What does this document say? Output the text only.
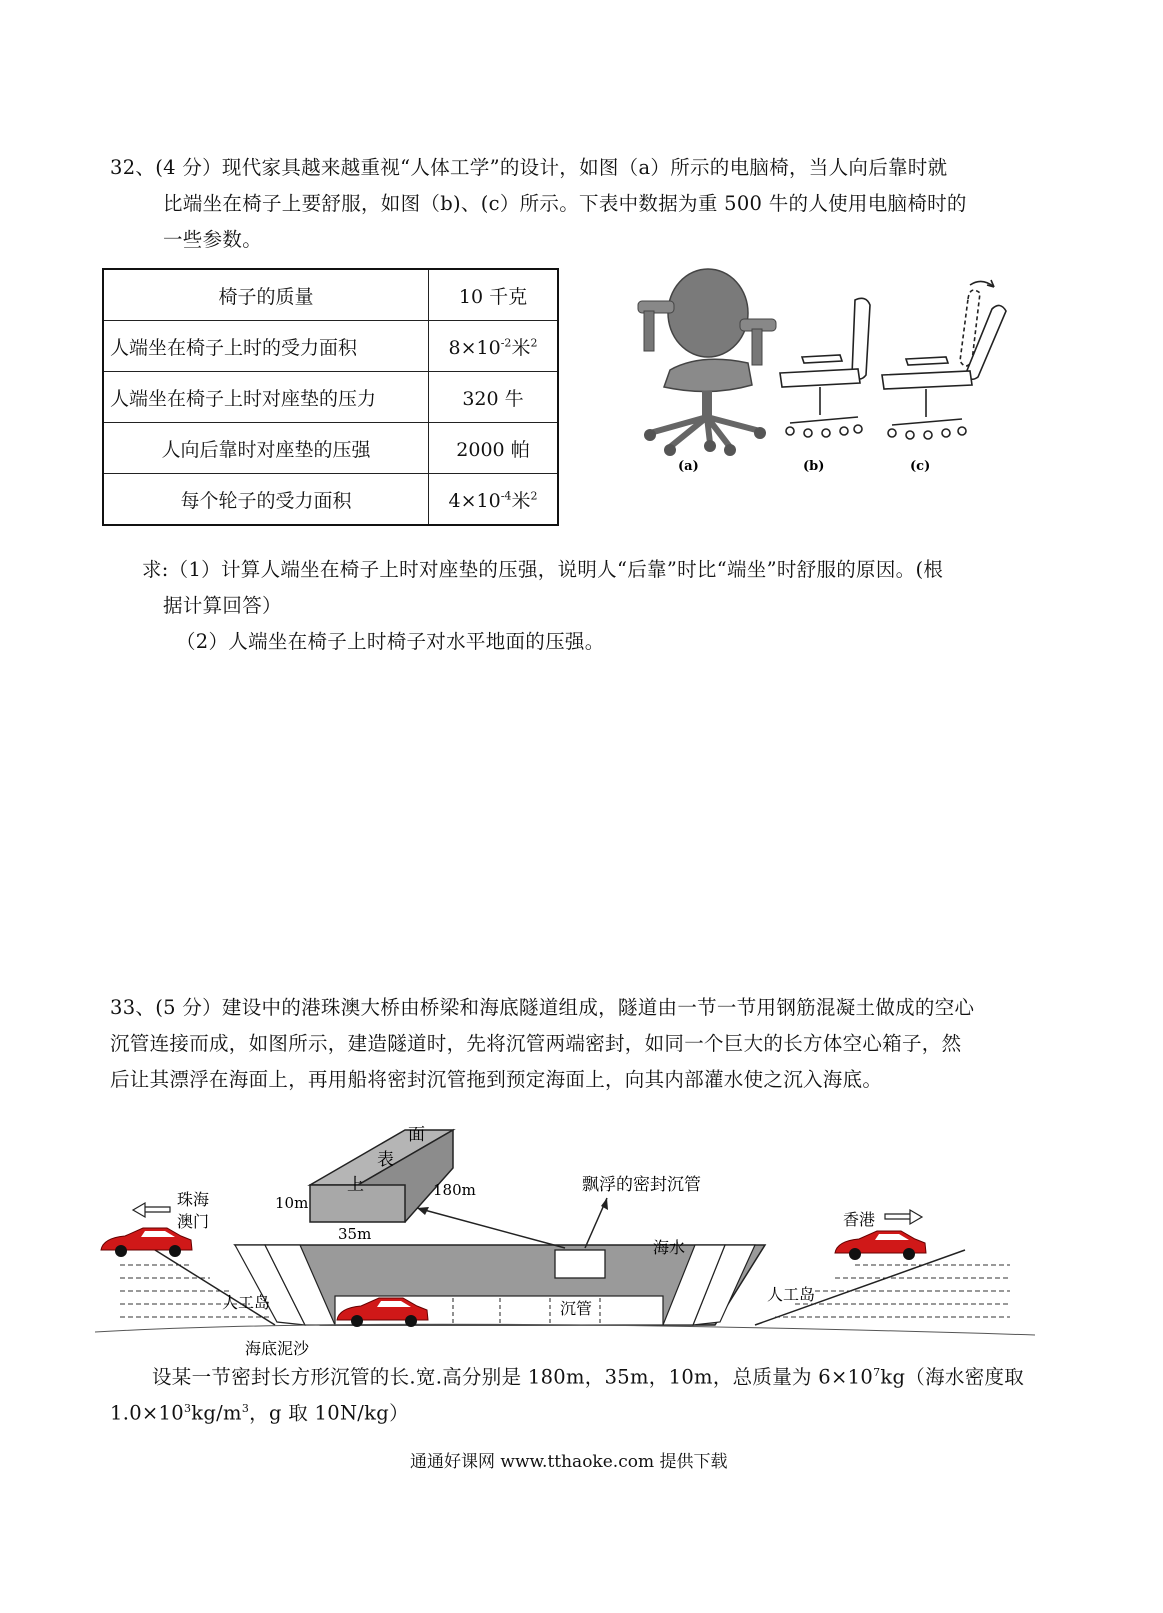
32、(4 分）现代家具越来越重视“人体工学”的设计，如图（a）所示的电脑椅，当人向后靠时就
比端坐在椅子上要舒服，如图（b)、(c）所示。下表中数据为重 500 牛的人使用电脑椅时的
一些参数。
椅子的质量	10 千克
人端坐在椅子上时的受力面积	$8\times 10^{-2}$米$^2$
人端坐在椅子上时对座垫的压力	320 牛
人向后靠时对座垫的压强	2000 帕
每个轮子的受力面积	$4\times 10^{-4}$米$^2$
(a)	(b)	(c)
求:（1）计算人端坐在椅子上时对座垫的压强，说明人“后靠”时比“端坐”时舒服的原因。(根
据计算回答）
（2）人端坐在椅子上时椅子对水平地面的压强。
33、(5 分）建设中的港珠澳大桥由桥梁和海底隧道组成，隧道由一节一节用钢筋混凝土做成的空心
沉管连接而成，如图所示，建造隧道时，先将沉管两端密封，如同一个巨大的长方体空心箱子，然
后让其漂浮在海面上，再用船将密封沉管拖到预定海面上，向其内部灌水使之沉入海底。
面
表
上
10m
35m
180m	飘浮的密封沉管
珠海
澳门	香港
海水
沉管
人工岛	人工岛
海底泥沙
设某一节密封长方形沉管的长.宽.高分别是 180m，35m，10m，总质量为 $6\times 10^7kg$（海水密度取
$1.0\times 10^3kg/m^3$，g 取 10N/kg）
通通好课网 www.tthaoke.com 提供下载
